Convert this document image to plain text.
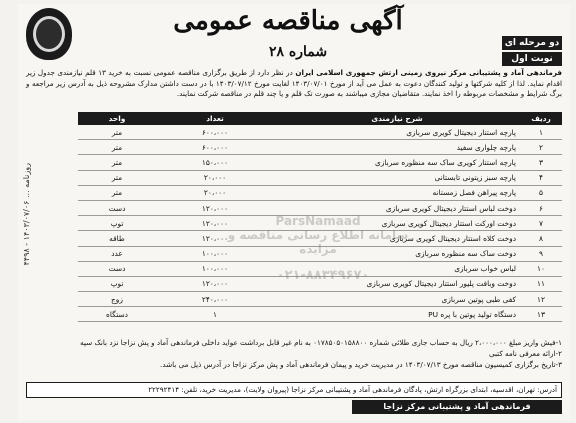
روزنامه ... ۱۴۰۳/۰۷/۰۶ - ۴۴۹۸
آگهی مناقصه عمومی
شماره ۲۸
دو مرحله ای
نوبت اول
فرماندهی آماد و پشتیبانی مرکز نیروی زمینی ارتش جمهوری اسلامی ایران در نظر دارد از طریق برگزاری مناقصه عمومی نسبت به خرید ۱۳ قلم نیازمندی جدول زیر اقدام نماید. لذا از کلیه شرکتها و تولید کنندگان دعوت به عمل می آید از مورخ ۱۴۰۳/۰۷/۰۱ لغایت مورخ ۱۴۰۳/۰۷/۱۲ با در دست داشتن مدارک مشروحه ذیل به آدرس زیر مراجعه و برگ شرایط و مشخصات مربوطه را اخذ نمایند. متقاضیان مجازی میباشند به صورت تک قلم و یا چند قلم در مناقصه شرکت نمایند.
ردیف	شرح نیازمندی	تعداد	واحد
۱	پارچه استتار دیجیتال کویری سربازی	۶۰۰،۰۰۰	متر
۲	پارچه چلواری سفید	۶۰۰،۰۰۰	متر
۳	پارچه استتار کویری ساک سه منظوره سربازی	۱۵۰،۰۰۰	متر
۴	پارچه سبز زیتونی تابستانی	۲۰،۰۰۰	متر
۵	پارچه پیراهن فصل زمستانه	۲۰،۰۰۰	متر
۶	دوخت لباس استتار دیجیتال کویری سربازی	۱۲۰،۰۰۰	دست
۷	دوخت اورکت استتار دیجیتال کویری سربازی	۱۲۰،۰۰۰	توپ
۸	دوخت کلاه استتار دیجیتال کویری سربازی	۱۲۰،۰۰۰	طاقه
۹	دوخت ساک سه منظوره سربازی	۱۰۰،۰۰۰	عدد
۱۰	لباس خواب سربازی	۱۰۰،۰۰۰	دست
۱۱	دوخت وبافت پلیور استتار دیجیتال کویری سربازی	۱۲۰،۰۰۰	توپ
۱۲	کفی طبی پوتین سربازی	۲۴۰،۰۰۰	زوج
۱۳	دستگاه تولید پوتین با پره PU	۱	دستگاه
ParsNamaad
سامانه اطلاع رسانی مناقصه و مزایده
۰۲۱-۸۸۳۴۹۶۷۰
۱-فیش واریز مبلغ ۲،۰۰۰،۰۰۰ ریال به حساب جاری طلائی شماره ۰۱۷۸۵۰۵۰۱۵۸۸۰۰ به نام غیر قابل برداشت عواید داخلی فرماندهی آماد و پش نزاجا نزد بانک سپه
۲-ارائه معرفی نامه کتبی
۳-تاریخ برگزاری کمیسیون مناقصه مورخ ۱۴۰۳/۰۷/۱۳ در مدیریت خرید و پیمان فرماندهی آماد و پش مرکز نزاجا در آدرس ذیل می باشد.
آدرس: تهران، اقدسیه، ابتدای بزرگراه ارتش، پادگان فرماندهی آماد و پشتیبانی مرکز نزاجا (پیروان ولایت)، مدیریت خرید، تلفن: ۲۲۲۹۲۴۱۴
فرماندهی آماد و پشتیبانی مرکز نزاجا
